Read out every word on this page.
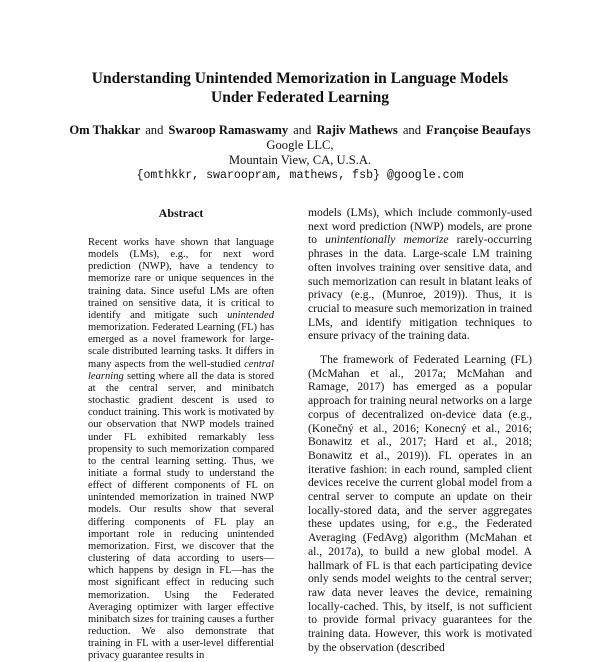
Understanding Unintended Memorization in Language Models
Under Federated Learning
Om Thakkar and Swaroop Ramaswamy and Rajiv Mathews and Françoise Beaufays
Google LLC,
Mountain View, CA, U.S.A.
{omthkkr, swaroopram, mathews, fsb} @google.com
Abstract
Recent works have shown that language models (LMs), e.g., for next word prediction (NWP), have a tendency to memorize rare or unique sequences in the training data. Since useful LMs are often trained on sensitive data, it is critical to identify and mitigate such unintended memorization. Federated Learning (FL) has emerged as a novel framework for large-scale distributed learning tasks. It differs in many aspects from the well-studied central learning setting where all the data is stored at the central server, and minibatch stochastic gradient descent is used to conduct training. This work is motivated by our observation that NWP models trained under FL exhibited remarkably less propensity to such memorization compared to the central learning setting. Thus, we initiate a formal study to understand the effect of different components of FL on unintended memorization in trained NWP models. Our results show that several differing components of FL play an important role in reducing unintended memorization. First, we discover that the clustering of data according to users—which happens by design in FL—has the most significant effect in reducing such memorization. Using the Federated Averaging optimizer with larger effective minibatch sizes for training causes a further reduction. We also demonstrate that training in FL with a user-level differential privacy guarantee results in
models (LMs), which include commonly-used next word prediction (NWP) models, are prone to unintentionally memorize rarely-occurring phrases in the data. Large-scale LM training often involves training over sensitive data, and such memorization can result in blatant leaks of privacy (e.g., (Munroe, 2019)). Thus, it is crucial to measure such memorization in trained LMs, and identify mitigation techniques to ensure privacy of the training data.
The framework of Federated Learning (FL) (McMahan et al., 2017a; McMahan and Ramage, 2017) has emerged as a popular approach for training neural networks on a large corpus of decentralized on-device data (e.g., (Konečný et al., 2016; Konecný et al., 2016; Bonawitz et al., 2017; Hard et al., 2018; Bonawitz et al., 2019)). FL operates in an iterative fashion: in each round, sampled client devices receive the current global model from a central server to compute an update on their locally-stored data, and the server aggregates these updates using, for e.g., the Federated Averaging (FedAvg) algorithm (McMahan et al., 2017a), to build a new global model. A hallmark of FL is that each participating device only sends model weights to the central server; raw data never leaves the device, remaining locally-cached. This, by itself, is not sufficient to provide formal privacy guarantees for the training data. However, this work is motivated by the observation (described
